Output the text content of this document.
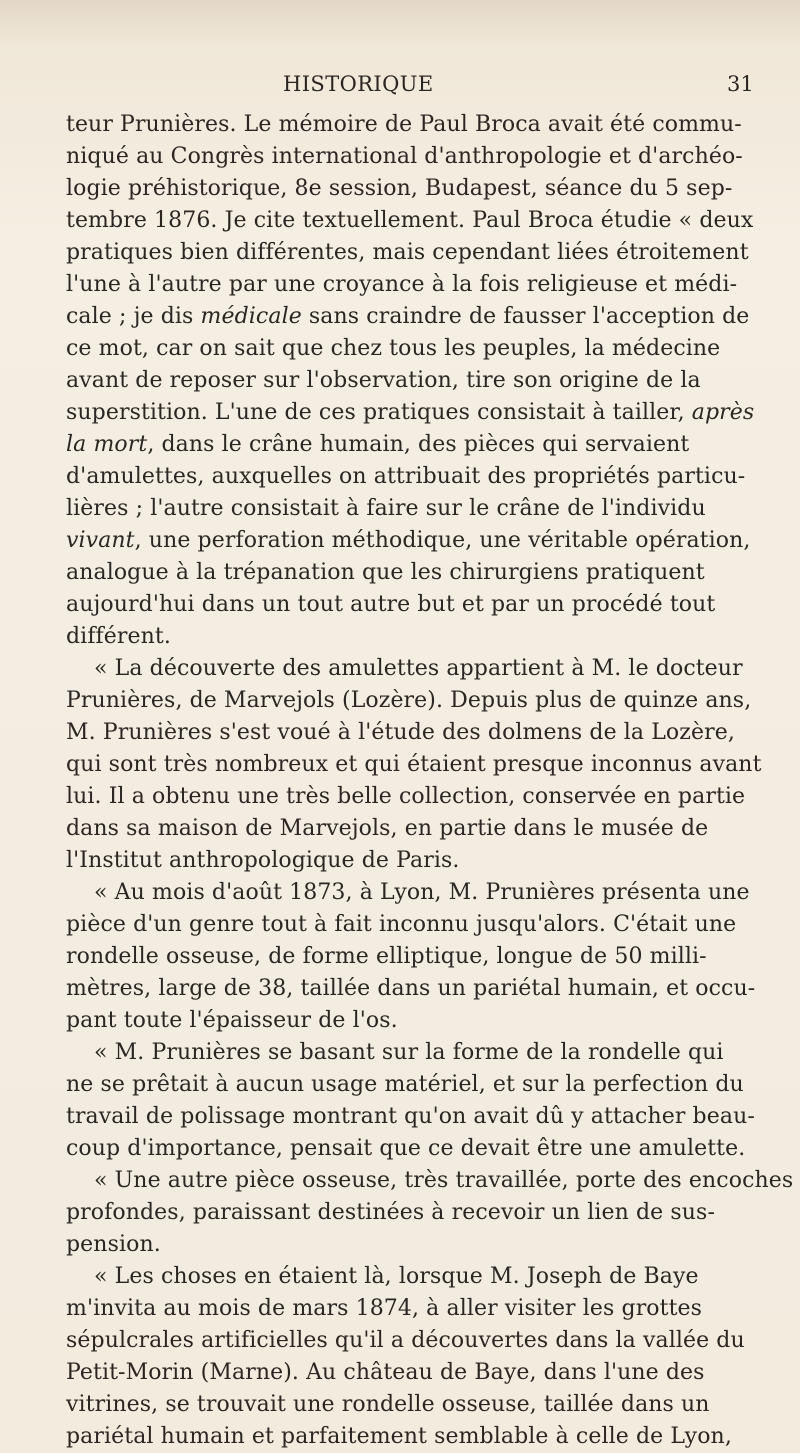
HISTORIQUE	31
teur Prunières. Le mémoire de Paul Broca avait été commu-
niqué au Congrès international d'anthropologie et d'archéo-
logie préhistorique, 8e session, Budapest, séance du 5 sep-
tembre 1876. Je cite textuellement. Paul Broca étudie « deux
pratiques bien différentes, mais cependant liées étroitement
l'une à l'autre par une croyance à la fois religieuse et médi-
cale ; je dis médicale sans craindre de fausser l'acception de
ce mot, car on sait que chez tous les peuples, la médecine
avant de reposer sur l'observation, tire son origine de la
superstition. L'une de ces pratiques consistait à tailler, après
la mort, dans le crâne humain, des pièces qui servaient
d'amulettes, auxquelles on attribuait des propriétés particu-
lières ; l'autre consistait à faire sur le crâne de l'individu
vivant, une perforation méthodique, une véritable opération,
analogue à la trépanation que les chirurgiens pratiquent
aujourd'hui dans un tout autre but et par un procédé tout
différent.
« La découverte des amulettes appartient à M. le docteur
Prunières, de Marvejols (Lozère). Depuis plus de quinze ans,
M. Prunières s'est voué à l'étude des dolmens de la Lozère,
qui sont très nombreux et qui étaient presque inconnus avant
lui. Il a obtenu une très belle collection, conservée en partie
dans sa maison de Marvejols, en partie dans le musée de
l'Institut anthropologique de Paris.
« Au mois d'août 1873, à Lyon, M. Prunières présenta une
pièce d'un genre tout à fait inconnu jusqu'alors. C'était une
rondelle osseuse, de forme elliptique, longue de 50 milli-
mètres, large de 38, taillée dans un pariétal humain, et occu-
pant toute l'épaisseur de l'os.
« M. Prunières se basant sur la forme de la rondelle qui
ne se prêtait à aucun usage matériel, et sur la perfection du
travail de polissage montrant qu'on avait dû y attacher beau-
coup d'importance, pensait que ce devait être une amulette.
« Une autre pièce osseuse, très travaillée, porte des encoches
profondes, paraissant destinées à recevoir un lien de sus-
pension.
« Les choses en étaient là, lorsque M. Joseph de Baye
m'invita au mois de mars 1874, à aller visiter les grottes
sépulcrales artificielles qu'il a découvertes dans la vallée du
Petit-Morin (Marne). Au château de Baye, dans l'une des
vitrines, se trouvait une rondelle osseuse, taillée dans un
pariétal humain et parfaitement semblable à celle de Lyon,
